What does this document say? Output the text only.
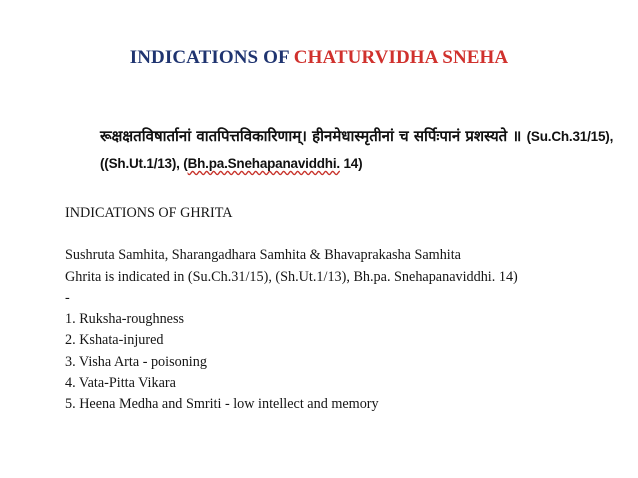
INDICATIONS OF CHATURVIDHA SNEHA
रूक्षक्षतविषार्तानां वातपित्तविकारिणाम्। हीनमेधास्मृतीनां च सर्पिःपानं प्रशस्यते ॥ (Su.Ch.31/15),
((Sh.Ut.1/13), (Bh.pa.Snehapanaviddhi. 14)
INDICATIONS OF GHRITA
Sushruta Samhita, Sharangadhara Samhita & Bhavaprakasha Samhita
Ghrita is indicated in (Su.Ch.31/15), (Sh.Ut.1/13), Bh.pa. Snehapanaviddhi. 14)
-
1. Ruksha-roughness
2. Kshata-injured
3. Visha Arta - poisoning
4. Vata-Pitta Vikara
5. Heena Medha and Smriti - low intellect and memory
